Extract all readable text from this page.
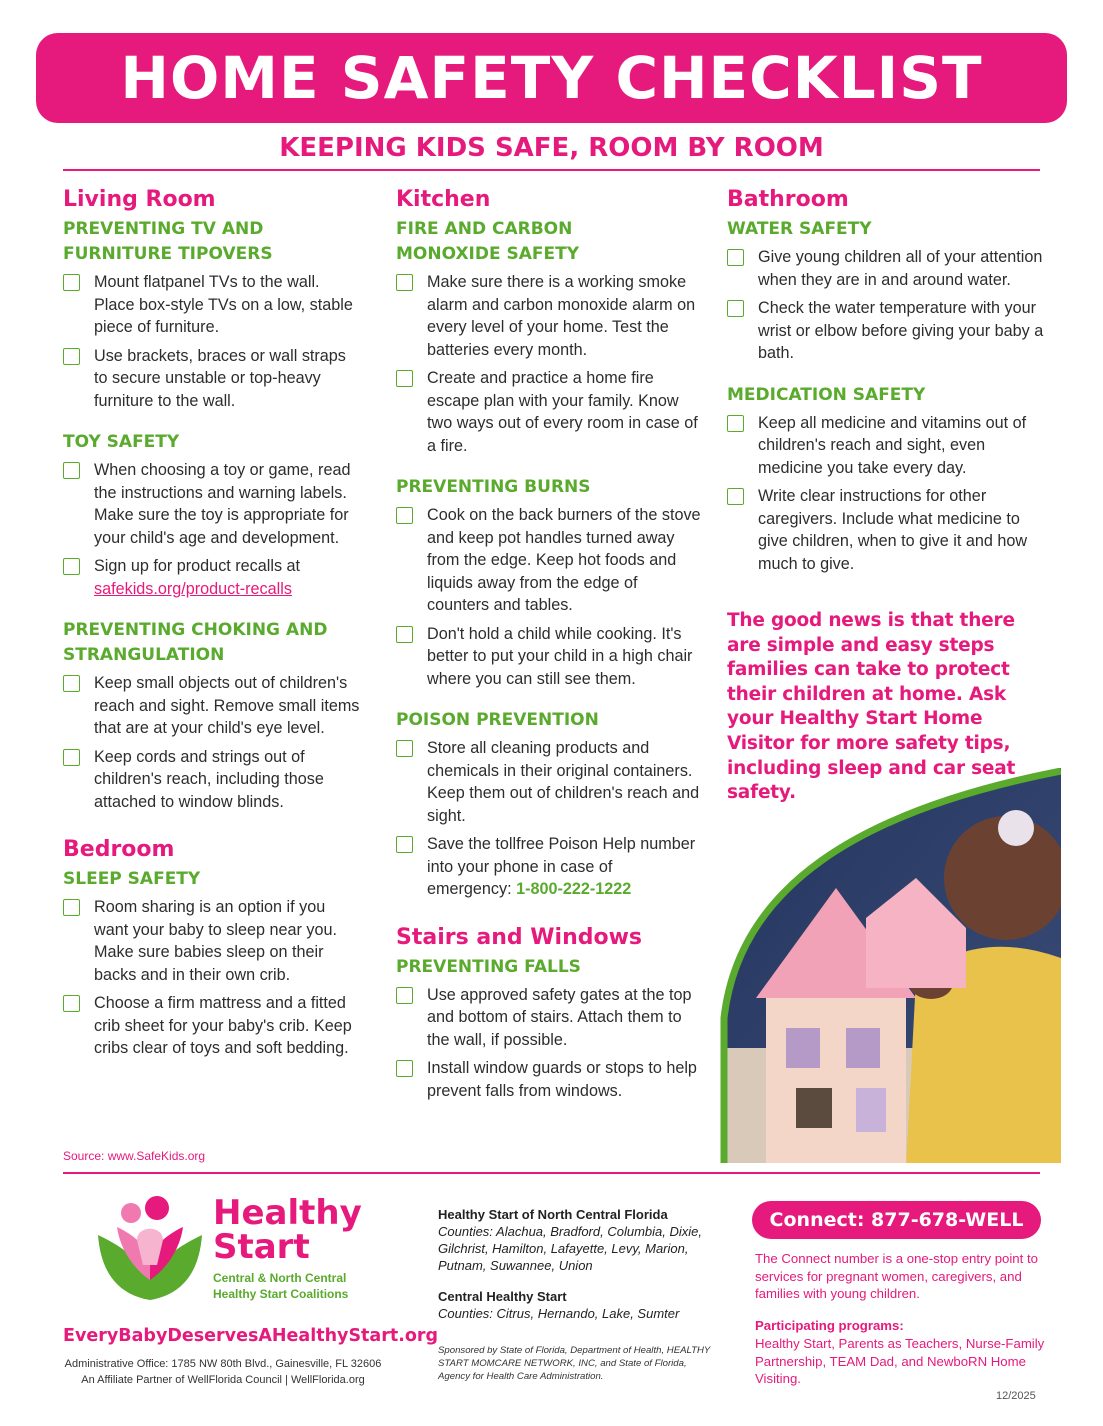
HOME SAFETY CHECKLIST
KEEPING KIDS SAFE, ROOM BY ROOM
Living Room
PREVENTING TV AND
FURNITURE TIPOVERS
Mount flatpanel TVs to the wall. Place box-style TVs on a low, stable piece of furniture.
Use brackets, braces or wall straps to secure unstable or top-heavy furniture to the wall.
TOY SAFETY
When choosing a toy or game, read the instructions and warning labels. Make sure the toy is appropriate for your child's age and development.
Sign up for product recalls at
safekids.org/product-recalls
PREVENTING CHOKING AND
STRANGULATION
Keep small objects out of children's reach and sight. Remove small items that are at your child's eye level.
Keep cords and strings out of children's reach, including those attached to window blinds.
Bedroom
SLEEP SAFETY
Room sharing is an option if you want your baby to sleep near you. Make sure babies sleep on their backs and in their own crib.
Choose a firm mattress and a fitted crib sheet for your baby's crib. Keep cribs clear of toys and soft bedding.
Kitchen
FIRE AND CARBON
MONOXIDE SAFETY
Make sure there is a working smoke alarm and carbon monoxide alarm on every level of your home. Test the batteries every month.
Create and practice a home fire escape plan with your family. Know two ways out of every room in case of a fire.
PREVENTING BURNS
Cook on the back burners of the stove and keep pot handles turned away from the edge. Keep hot foods and liquids away from the edge of counters and tables.
Don't hold a child while cooking. It's better to put your child in a high chair where you can still see them.
POISON PREVENTION
Store all cleaning products and chemicals in their original containers. Keep them out of children's reach and sight.
Save the tollfree Poison Help number into your phone in case of emergency: 1-800-222-1222
Stairs and Windows
PREVENTING FALLS
Use approved safety gates at the top and bottom of stairs. Attach them to the wall, if possible.
Install window guards or stops to help prevent falls from windows.
Bathroom
WATER SAFETY
Give young children all of your attention when they are in and around water.
Check the water temperature with your wrist or elbow before giving your baby a bath.
MEDICATION SAFETY
Keep all medicine and vitamins out of children's reach and sight, even medicine you take every day.
Write clear instructions for other caregivers. Include what medicine to give children, when to give it and how much to give.
The good news is that there are simple and easy steps families can take to protect their children at home. Ask your Healthy Start Home Visitor for more safety tips, including sleep and car seat safety.
Source: www.SafeKids.org
Healthy
Start
Central & North Central
Healthy Start Coalitions
EveryBabyDeservesAHealthyStart.org
Administrative Office: 1785 NW 80th Blvd., Gainesville, FL 32606
An Affiliate Partner of WellFlorida Council | WellFlorida.org
Healthy Start of North Central Florida
Counties: Alachua, Bradford, Columbia, Dixie, Gilchrist, Hamilton, Lafayette, Levy, Marion, Putnam, Suwannee, Union
Central Healthy Start
Counties: Citrus, Hernando, Lake, Sumter
Sponsored by State of Florida, Department of Health, HEALTHY START MOMCARE NETWORK, INC, and State of Florida, Agency for Health Care Administration.
Connect: 877-678-WELL
The Connect number is a one-stop entry point to services for pregnant women, caregivers, and families with young children.
Participating programs:
Healthy Start, Parents as Teachers, Nurse-Family Partnership, TEAM Dad, and NewboRN Home Visiting.
12/2025
